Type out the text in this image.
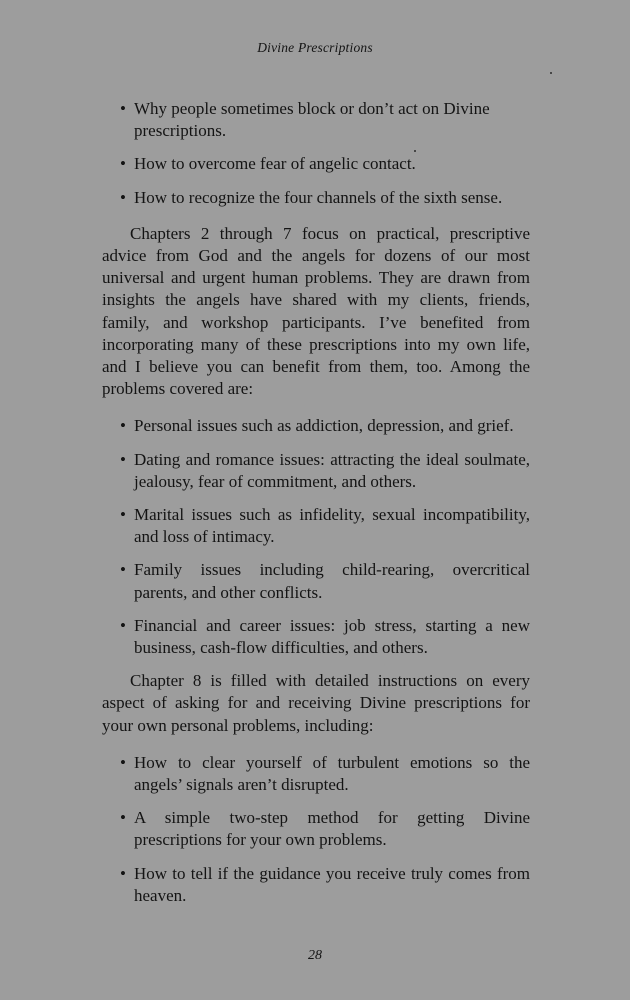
Divine Prescriptions
• Why people sometimes block or don’t act on Divine prescriptions.
• How to overcome fear of angelic contact.
• How to recognize the four channels of the sixth sense.

Chapters 2 through 7 focus on practical, prescriptive advice from God and the angels for dozens of our most universal and urgent human problems. They are drawn from insights the angels have shared with my clients, friends, family, and workshop participants. I’ve benefited from incorporating many of these prescriptions into my own life, and I believe you can benefit from them, too. Among the problems covered are:

• Personal issues such as addiction, depression, and grief.
• Dating and romance issues: attracting the ideal soulmate, jealousy, fear of commitment, and others.
• Marital issues such as infidelity, sexual incompatibility, and loss of intimacy.
• Family issues including child-rearing, overcritical parents, and other conflicts.
• Financial and career issues: job stress, starting a new business, cash-flow difficulties, and others.

Chapter 8 is filled with detailed instructions on every aspect of asking for and receiving Divine prescriptions for your own personal problems, including:

• How to clear yourself of turbulent emotions so the angels’ signals aren’t disrupted.
• A simple two-step method for getting Divine prescriptions for your own problems.
• How to tell if the guidance you receive truly comes from heaven.
28
